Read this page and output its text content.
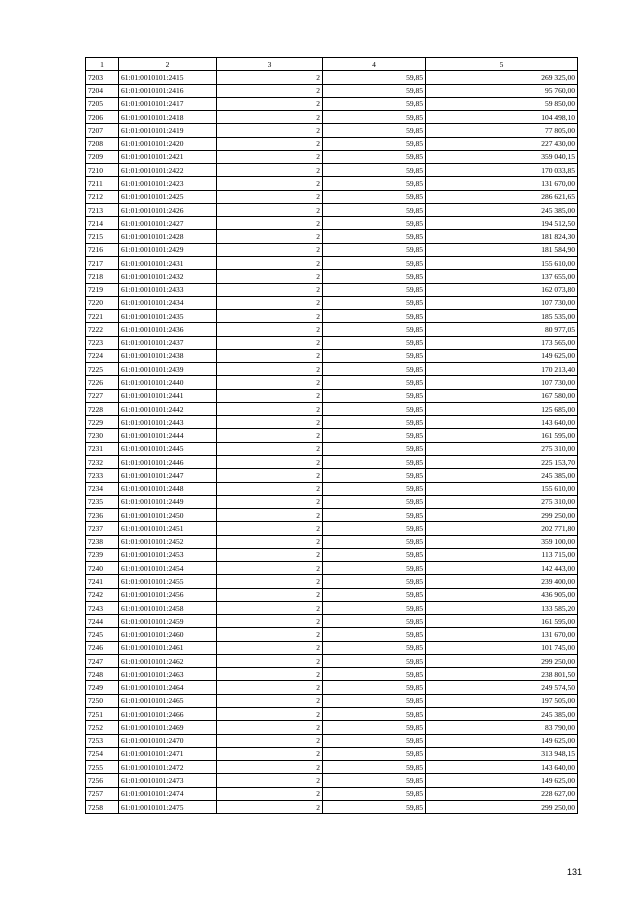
1	2	3	4	5
7203	61:01:0010101:2415	2	59,85	269 325,00
7204	61:01:0010101:2416	2	59,85	95 760,00
7205	61:01:0010101:2417	2	59,85	59 850,00
7206	61:01:0010101:2418	2	59,85	104 498,10
7207	61:01:0010101:2419	2	59,85	77 805,00
7208	61:01:0010101:2420	2	59,85	227 430,00
7209	61:01:0010101:2421	2	59,85	359 040,15
7210	61:01:0010101:2422	2	59,85	170 033,85
7211	61:01:0010101:2423	2	59,85	131 670,00
7212	61:01:0010101:2425	2	59,85	286 621,65
7213	61:01:0010101:2426	2	59,85	245 385,00
7214	61:01:0010101:2427	2	59,85	194 512,50
7215	61:01:0010101:2428	2	59,85	181 824,30
7216	61:01:0010101:2429	2	59,85	181 584,90
7217	61:01:0010101:2431	2	59,85	155 610,00
7218	61:01:0010101:2432	2	59,85	137 655,00
7219	61:01:0010101:2433	2	59,85	162 073,80
7220	61:01:0010101:2434	2	59,85	107 730,00
7221	61:01:0010101:2435	2	59,85	185 535,00
7222	61:01:0010101:2436	2	59,85	80 977,05
7223	61:01:0010101:2437	2	59,85	173 565,00
7224	61:01:0010101:2438	2	59,85	149 625,00
7225	61:01:0010101:2439	2	59,85	170 213,40
7226	61:01:0010101:2440	2	59,85	107 730,00
7227	61:01:0010101:2441	2	59,85	167 580,00
7228	61:01:0010101:2442	2	59,85	125 685,00
7229	61:01:0010101:2443	2	59,85	143 640,00
7230	61:01:0010101:2444	2	59,85	161 595,00
7231	61:01:0010101:2445	2	59,85	275 310,00
7232	61:01:0010101:2446	2	59,85	225 153,70
7233	61:01:0010101:2447	2	59,85	245 385,00
7234	61:01:0010101:2448	2	59,85	155 610,00
7235	61:01:0010101:2449	2	59,85	275 310,00
7236	61:01:0010101:2450	2	59,85	299 250,00
7237	61:01:0010101:2451	2	59,85	202 771,80
7238	61:01:0010101:2452	2	59,85	359 100,00
7239	61:01:0010101:2453	2	59,85	113 715,00
7240	61:01:0010101:2454	2	59,85	142 443,00
7241	61:01:0010101:2455	2	59,85	239 400,00
7242	61:01:0010101:2456	2	59,85	436 905,00
7243	61:01:0010101:2458	2	59,85	133 585,20
7244	61:01:0010101:2459	2	59,85	161 595,00
7245	61:01:0010101:2460	2	59,85	131 670,00
7246	61:01:0010101:2461	2	59,85	101 745,00
7247	61:01:0010101:2462	2	59,85	299 250,00
7248	61:01:0010101:2463	2	59,85	238 801,50
7249	61:01:0010101:2464	2	59,85	249 574,50
7250	61:01:0010101:2465	2	59,85	197 505,00
7251	61:01:0010101:2466	2	59,85	245 385,00
7252	61:01:0010101:2469	2	59,85	83 790,00
7253	61:01:0010101:2470	2	59,85	149 625,00
7254	61:01:0010101:2471	2	59,85	313 948,15
7255	61:01:0010101:2472	2	59,85	143 640,00
7256	61:01:0010101:2473	2	59,85	149 625,00
7257	61:01:0010101:2474	2	59,85	228 627,00
7258	61:01:0010101:2475	2	59,85	299 250,00
131
